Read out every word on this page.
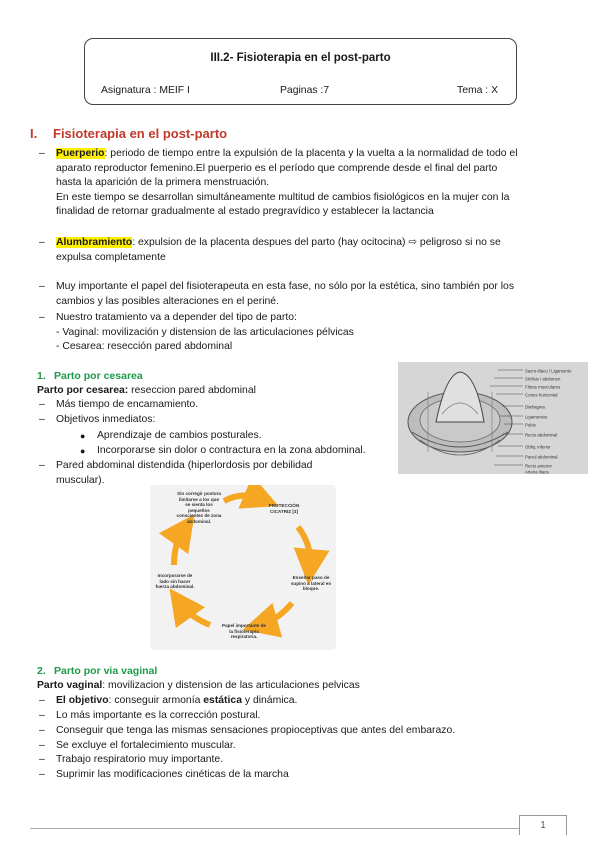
III.2- Fisioterapia en el post-parto
Asignatura : MEIF I	Paginas :7	Tema : X
I. Fisioterapia en el post-parto
– Puerperio: periodo de tiempo entre la expulsión de la placenta y la vuelta a la normalidad de todo el
aparato reproductor femenino.El puerperio es el período que comprende desde el final del parto
hasta la aparición de la primera menstruación.
En este tiempo se desarrollan simultáneamente multitud de cambios fisiológicos en la mujer con la
finalidad de retornar gradualmente al estado pregravídico y establecer la lactancia
– Alumbramiento: expulsion de la placenta despues del parto (hay ocitocina) ⇨ peligroso si no se
expulsa completamente
– Muy importante el papel del fisioterapeuta en esta fase, no sólo por la estética, sino también por los
cambios y las posibles alteraciones en el periné.
– Nuestro tratamiento va a depender del tipo de parto:
- Vaginal: movilización y distension de las articulaciones pélvicas
- Cesarea: resección pared abdominal
1. Parto por cesarea
Parto por cesarea: reseccion pared abdominal
– Más tiempo de encamamiento.
– Objetivos inmediatos:
● Aprendizaje de cambios posturales.
● Incorporarse sin dolor o contractura en la zona abdominal.
– Pared abdominal distendida (hiperlordosis por debilidad
muscular).
Sacro-ilíaco / Ligamento
Sínfisis / abdomen
Fibras musculares
Cortes horizontal
Diafragma
Ligamentos
Pubis
Recto abdominal
Obliq. inferior
Pared abdominal
Recto anterior
Arteria iliaca
Sin corregir postura limitarse a los que se sienta los pequeños conscientes de zona abdominal.
PROTECCIÓN CICATRIZ [3]
Enseñar paso de supino a lateral en bloque.
Papel importante de la fisioterapia respiratoria.
Incorporarse de lado sin hacer fuerza abdominal.
2. Parto por via vaginal
Parto vaginal: movilizacion y distension de las articulaciones pelvicas
– El objetivo: conseguir armonía estática y dinámica.
– Lo más importante es la corrección postural.
– Conseguir que tenga las mismas sensaciones propioceptivas que antes del embarazo.
– Se excluye el fortalecimiento muscular.
– Trabajo respiratorio muy importante.
– Suprimir las modificaciones cinéticas de la marcha
1
